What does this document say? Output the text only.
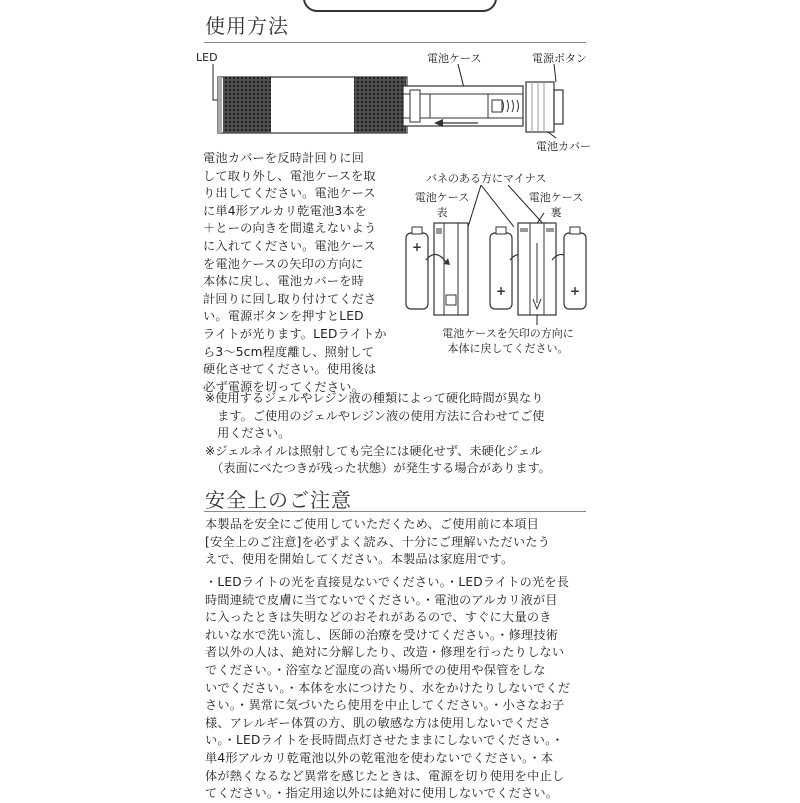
使用方法
LED	電池ケース	電源ボタン
電池カバー

電池カバーを反時計回りに回

して取り外し、電池ケースを取

り出してください。電池ケース

に単4形アルカリ乾電池3本を

＋とーの向きを間違えないよう

に入れてください。電池ケース

を電池ケースの矢印の方向に

本体に戻し、電池カバーを時

計回りに回し取り付けてくださ

い。電源ボタンを押すとLED

ライトが光ります。LEDライトか

ら3〜5cm程度離し、照射して

硬化させてください。使用後は

必ず電源を切ってください。

バネのある方にマイナス
電池ケース
表
電池ケース
裏
+
+	+
電池ケースを矢印の方向に
本体に戻してください。
※使用するジェルやレジン液の種類によって硬化時間が異なり
　ます。ご使用のジェルやレジン液の使用方法に合わせてご使
　用ください。
※ジェルネイルは照射しても完全には硬化せず、未硬化ジェル
　（表面にべたつきが残った状態）が発生する場合があります。
安全上のご注意

本製品を安全にご使用していただくため、ご使用前に本項目

[安全上のご注意]を必ずよく読み、十分にご理解いただいたう

えで、使用を開始してください。本製品は家庭用です。

・LEDライトの光を直接見ないでください。・LEDライトの光を長

時間連続で皮膚に当てないでください。・電池のアルカリ液が目

に入ったときは失明などのおそれがあるので、すぐに大量のき

れいな水で洗い流し、医師の治療を受けてください。・修理技術

者以外の人は、絶対に分解したり、改造・修理を行ったりしない

でください。・浴室など湿度の高い場所での使用や保管をしな

いでください。・本体を水につけたり、水をかけたりしないでくだ

さい。・異常に気づいたら使用を中止してください。・小さなお子

様、アレルギー体質の方、肌の敏感な方は使用しないでくださ

い。・LEDライトを長時間点灯させたままにしないでください。・

単4形アルカリ乾電池以外の乾電池を使わないでください。・本

体が熱くなるなど異常を感じたときは、電源を切り使用を中止し

てください。・指定用途以外には絶対に使用しないでください。
